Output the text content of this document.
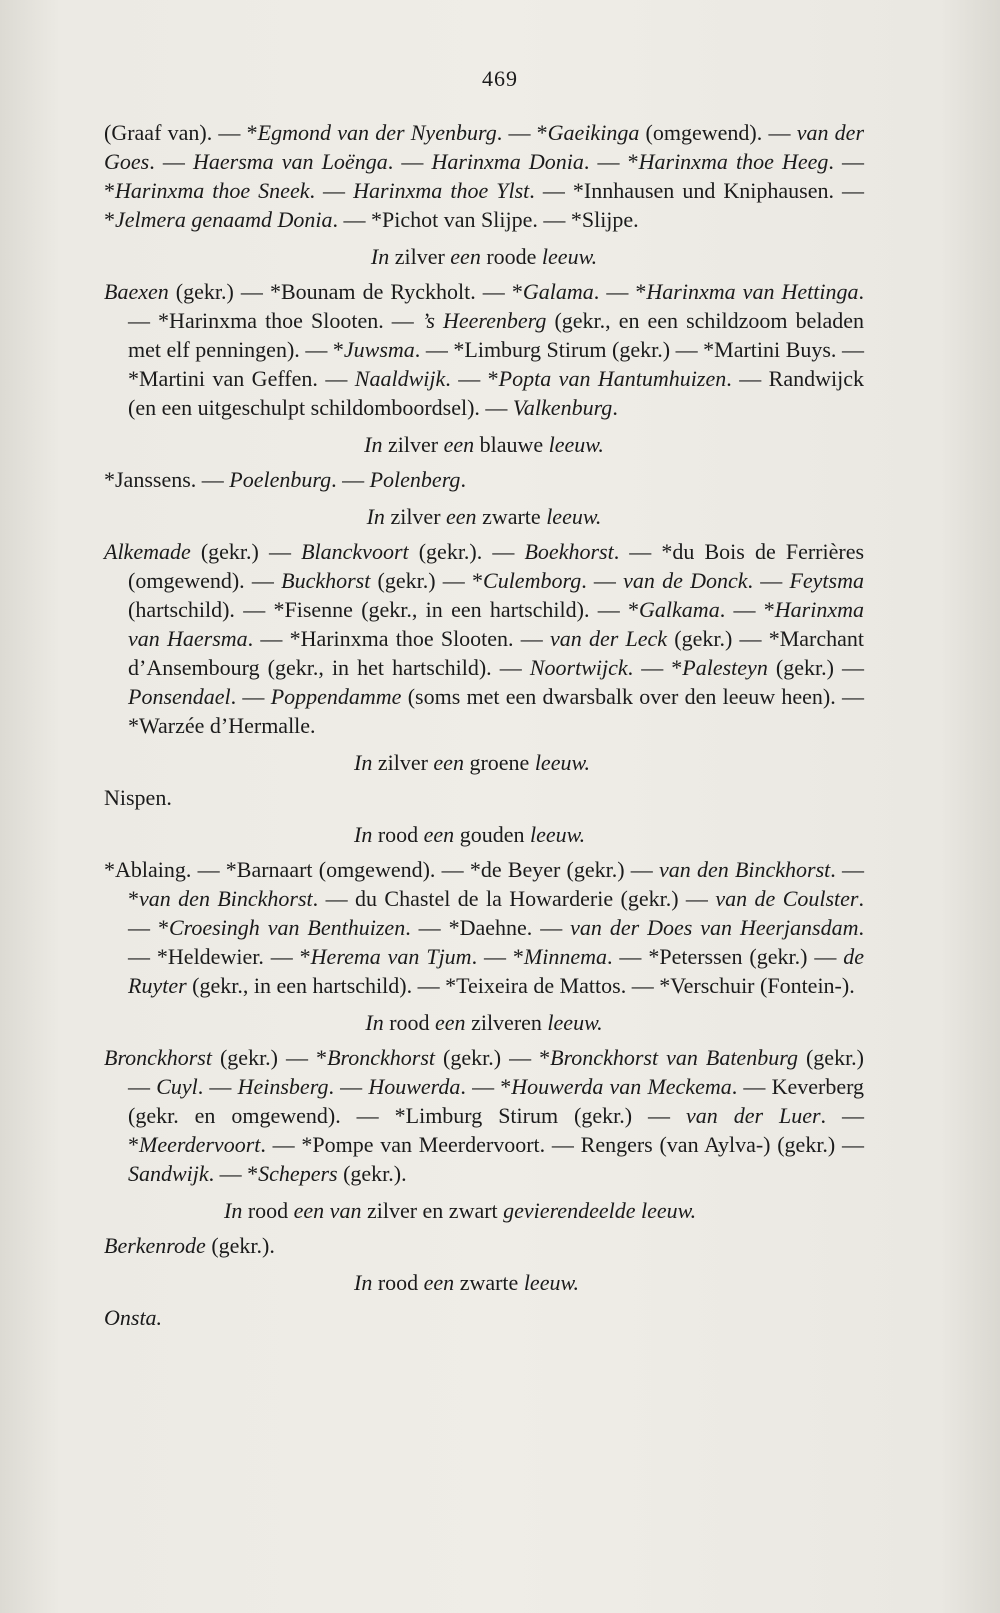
469
(Graaf van). — *Egmond van der Nyenburg. — *Gaeikinga (omgewend). — van der Goes. — Haersma van Loënga. — Harinxma Donia. — *Harinxma thoe Heeg. — *Harinxma thoe Sneek. — Harinxma thoe Ylst. — *Innhausen und Kniphausen. — *Jelmera genaamd Donia. — *Pichot van Slijpe. — *Slijpe.
In zilver een roode leeuw.
Baexen (gekr.) — *Bounam de Ryckholt. — *Galama. — *Harinxma van Hettinga. — *Harinxma thoe Slooten. — ’s Heerenberg (gekr., en een schildzoom beladen met elf penningen). — *Juwsma. — *Limburg Stirum (gekr.) — *Martini Buys. — *Martini van Geffen. — Naaldwijk. — *Popta van Hantumhuizen. — Randwijck (en een uitgeschulpt schildomboordsel). — Valkenburg.
In zilver een blauwe leeuw.
*Janssens. — Poelenburg. — Polenberg.
In zilver een zwarte leeuw.
Alkemade (gekr.) — Blanckvoort (gekr.). — Boekhorst. — *du Bois de Ferrières (omgewend). — Buckhorst (gekr.) — *Culemborg. — van de Donck. — Feytsma (hartschild). — *Fisenne (gekr., in een hartschild). — *Galkama. — *Harinxma van Haersma. — *Harinxma thoe Slooten. — van der Leck (gekr.) — *Marchant d’Ansembourg (gekr., in het hartschild). — Noortwijck. — *Palesteyn (gekr.) — Ponsendael. — Poppendamme (soms met een dwarsbalk over den leeuw heen). — *Warzée d’Hermalle.
In zilver een groene leeuw.
Nispen.
In rood een gouden leeuw.
*Ablaing. — *Barnaart (omgewend). — *de Beyer (gekr.) — van den Binckhorst. — *van den Binckhorst. — du Chastel de la Howarderie (gekr.) — van de Coulster. — *Croesingh van Benthuizen. — *Daehne. — van der Does van Heerjansdam. — *Heldewier. — *Herema van Tjum. — *Minnema. — *Peterssen (gekr.) — de Ruyter (gekr., in een hartschild). — *Teixeira de Mattos. — *Verschuir (Fontein-).
In rood een zilveren leeuw.
Bronckhorst (gekr.) — *Bronckhorst (gekr.) — *Bronckhorst van Batenburg (gekr.) — Cuyl. — Heinsberg. — Houwerda. — *Houwerda van Meckema. — Keverberg (gekr. en omgewend). — *Limburg Stirum (gekr.) — van der Luer. — *Meerdervoort. — *Pompe van Meerdervoort. — Rengers (van Aylva-) (gekr.) — Sandwijk. — *Schepers (gekr.).
In rood een van zilver en zwart gevierendeelde leeuw.
Berkenrode (gekr.).
In rood een zwarte leeuw.
Onsta.
